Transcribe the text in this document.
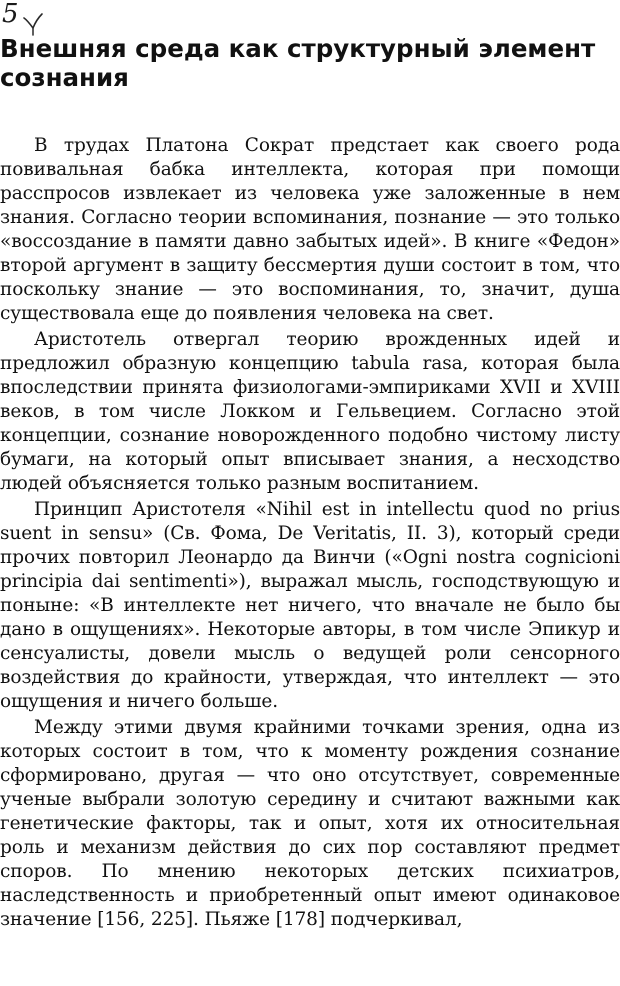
5
Внешняя среда как структурный элемент сознания

В трудах Платона Сократ предстает как своего рода повивальная бабка интеллекта, которая при помощи расспросов извлекает из человека уже заложенные в нем знания. Согласно теории вспоминания, познание — это только «воссоздание в памяти давно забытых идей». В книге «Федон» второй аргумент в защиту бессмертия души состоит в том, что поскольку знание — это воспоминания, то, значит, душа существовала еще до появления человека на свет.

Аристотель отвергал теорию врожденных идей и предложил образную концепцию tabula rasa, которая была впоследствии принята физиологами-эмпириками XVII и XVIII веков, в том числе Локком и Гельвецием. Согласно этой концепции, сознание новорожденного подобно чистому листу бумаги, на который опыт вписывает знания, а несходство людей объясняется только разным воспитанием.

Принцип Аристотеля «Nihil est in intellectu quod no prius suent in sensu» (Св. Фома, De Veritatis, II. 3), который среди прочих повторил Леонардо да Винчи («Ogni nostra cognicioni principia dai sentimenti»), выражал мысль, господствующую и поныне: «В интеллекте нет ничего, что вначале не было бы дано в ощущениях». Некоторые авторы, в том числе Эпикур и сенсуалисты, довели мысль о ведущей роли сенсорного воздействия до крайности, утверждая, что интеллект — это ощущения и ничего больше.

Между этими двумя крайними точками зрения, одна из которых состоит в том, что к моменту рождения сознание сформировано, другая — что оно отсутствует, современные ученые выбрали золотую середину и считают важными как генетические факторы, так и опыт, хотя их относительная роль и механизм действия до сих пор составляют предмет споров. По мнению некоторых детских психиатров, наследственность и приобретенный опыт имеют одинаковое значение [156, 225]. Пьяже [178] подчеркивал,
